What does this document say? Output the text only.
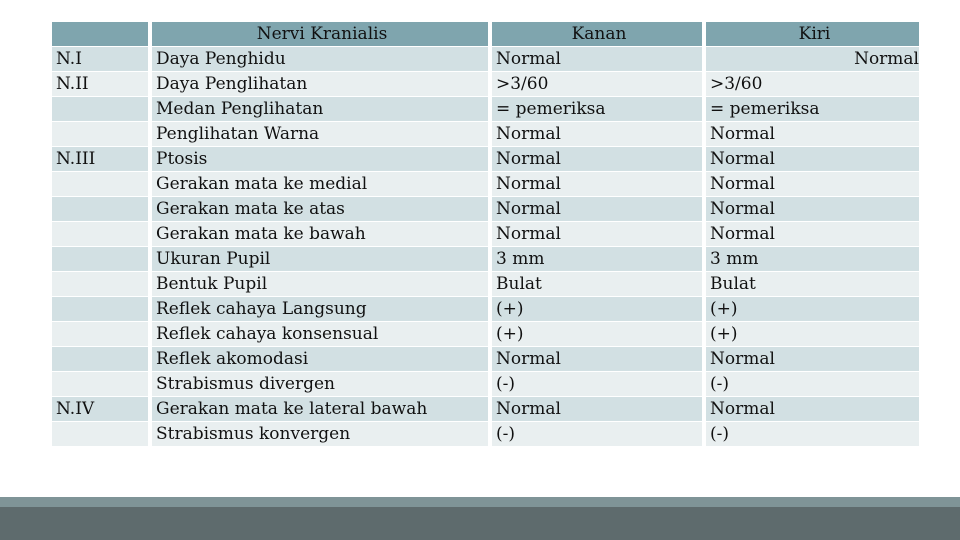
		Nervi Kranialis		Kanan		Kiri
N.I		Daya Penghidu		Normal		Normal
N.II		Daya Penglihatan		>3/60		>3/60
		Medan Penglihatan		= pemeriksa		= pemeriksa
		Penglihatan Warna		Normal		Normal
N.III		Ptosis		Normal		Normal
		Gerakan mata ke medial		Normal		Normal
		Gerakan mata ke atas		Normal		Normal
		Gerakan mata ke bawah		Normal		Normal
		Ukuran Pupil		3 mm		3 mm
		Bentuk Pupil		Bulat		Bulat
		Reflek cahaya Langsung		(+)		(+)
		Reflek cahaya konsensual		(+)		(+)
		Reflek akomodasi		Normal		Normal
		Strabismus divergen		(-)		(-)
N.IV		Gerakan mata ke lateral bawah		Normal		Normal
		Strabismus konvergen		(-)		(-)
